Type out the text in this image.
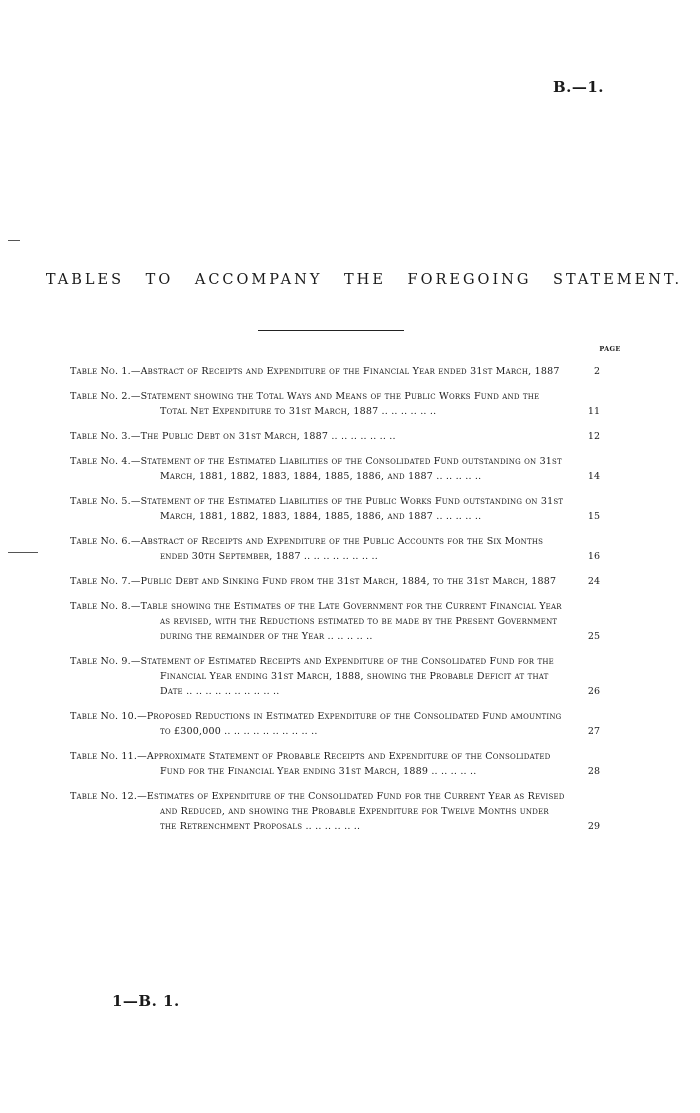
B.—1.
TABLES TO ACCOMPANY THE FOREGOING STATEMENT.
PAGE
Table No. 1.—Abstract of Receipts and Expenditure of the Financial Year ended 31st March, 1887	2
Table No. 2.—Statement showing the Total Ways and Means of the Public Works Fund and the Total Net Expenditure to 31st March, 1887 .. .. .. .. .. ..	11
Table No. 3.—The Public Debt on 31st March, 1887 .. .. .. .. .. .. ..	12
Table No. 4.—Statement of the Estimated Liabilities of the Consolidated Fund outstanding on 31st March, 1881, 1882, 1883, 1884, 1885, 1886, and 1887 .. .. .. .. ..	14
Table No. 5.—Statement of the Estimated Liabilities of the Public Works Fund outstanding on 31st March, 1881, 1882, 1883, 1884, 1885, 1886, and 1887 .. .. .. .. ..	15
Table No. 6.—Abstract of Receipts and Expenditure of the Public Accounts for the Six Months ended 30th September, 1887 .. .. .. .. .. .. .. ..	16
Table No. 7.—Public Debt and Sinking Fund from the 31st March, 1884, to the 31st March, 1887	24
Table No. 8.—Table showing the Estimates of the Late Government for the Current Financial Year as revised, with the Reductions estimated to be made by the Present Government during the remainder of the Year .. .. .. .. ..	25
Table No. 9.—Statement of Estimated Receipts and Expenditure of the Consolidated Fund for the Financial Year ending 31st March, 1888, showing the Probable Deficit at that Date .. .. .. .. .. .. .. .. .. ..	26
Table No. 10.—Proposed Reductions in Estimated Expenditure of the Consolidated Fund amounting to £300,000 .. .. .. .. .. .. .. .. .. ..	27
Table No. 11.—Approximate Statement of Probable Receipts and Expenditure of the Consolidated Fund for the Financial Year ending 31st March, 1889 .. .. .. .. ..	28
Table No. 12.—Estimates of Expenditure of the Consolidated Fund for the Current Year as Revised and Reduced, and showing the Probable Expenditure for Twelve Months under the Retrenchment Proposals .. .. .. .. .. ..	29
1—B. 1.
